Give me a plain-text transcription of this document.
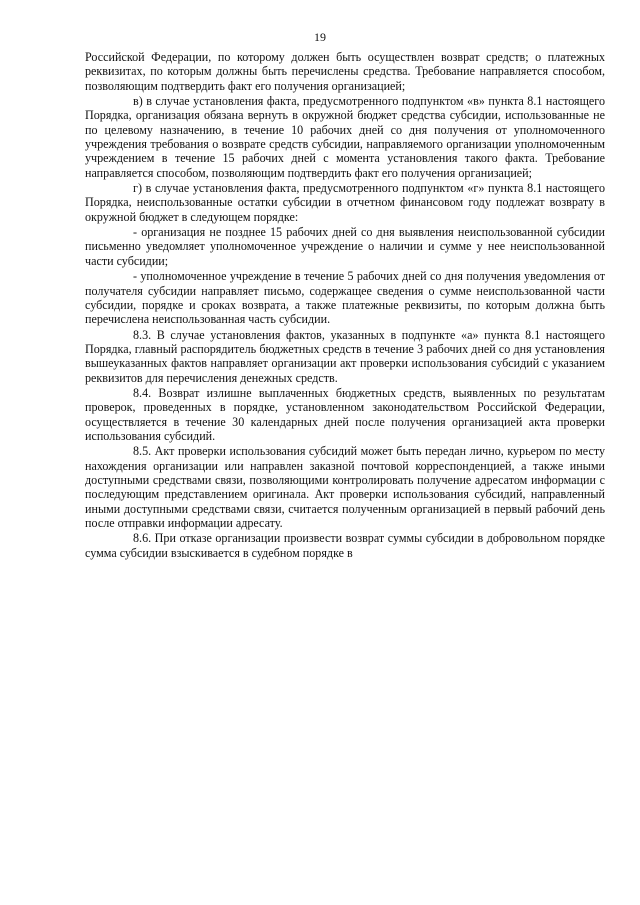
19

Российской Федерации, по которому должен быть осуществлен возврат средств; о платежных реквизитах, по которым должны быть перечислены средства. Требование направляется способом, позволяющим подтвердить факт его получения организацией;

в) в случае установления факта, предусмотренного подпунктом «в» пункта 8.1 настоящего Порядка, организация обязана вернуть в окружной бюджет средства субсидии, использованные не по целевому назначению, в течение 10 рабочих дней со дня получения от уполномоченного учреждения требования о возврате средств субсидии, направляемого организации уполномоченным учреждением в течение 15 рабочих дней с момента установления такого факта. Требование направляется способом, позволяющим подтвердить факт его получения организацией;

г) в случае установления факта, предусмотренного подпунктом «г» пункта 8.1 настоящего Порядка, неиспользованные остатки субсидии в отчетном финансовом году подлежат возврату в окружной бюджет в следующем порядке:

- организация не позднее 15 рабочих дней со дня выявления неиспользованной субсидии письменно уведомляет уполномоченное учреждение о наличии и сумме у нее неиспользованной части субсидии;

- уполномоченное учреждение в течение 5 рабочих дней со дня получения уведомления от получателя субсидии направляет письмо, содержащее сведения о сумме неиспользованной части субсидии, порядке и сроках возврата, а также платежные реквизиты, по которым должна быть перечислена неиспользованная часть субсидии.

8.3. В случае установления фактов, указанных в подпункте «а» пункта 8.1 настоящего Порядка, главный распорядитель бюджетных средств в течение 3 рабочих дней со дня установления вышеуказанных фактов направляет организации акт проверки использования субсидий с указанием реквизитов для перечисления денежных средств.

8.4. Возврат излишне выплаченных бюджетных средств, выявленных по результатам проверок, проведенных в порядке, установленном законодательством Российской Федерации, осуществляется в течение 30 календарных дней после получения организацией акта проверки использования субсидий.

8.5. Акт проверки использования субсидий может быть передан лично, курьером по месту нахождения организации или направлен заказной почтовой корреспонденцией, а также иными доступными средствами связи, позволяющими контролировать получение адресатом информации с последующим представлением оригинала. Акт проверки использования субсидий, направленный иными доступными средствами связи, считается полученным организацией в первый рабочий день после отправки информации адресату.

8.6. При отказе организации произвести возврат суммы субсидии в добровольном порядке сумма субсидии взыскивается в судебном порядке в
